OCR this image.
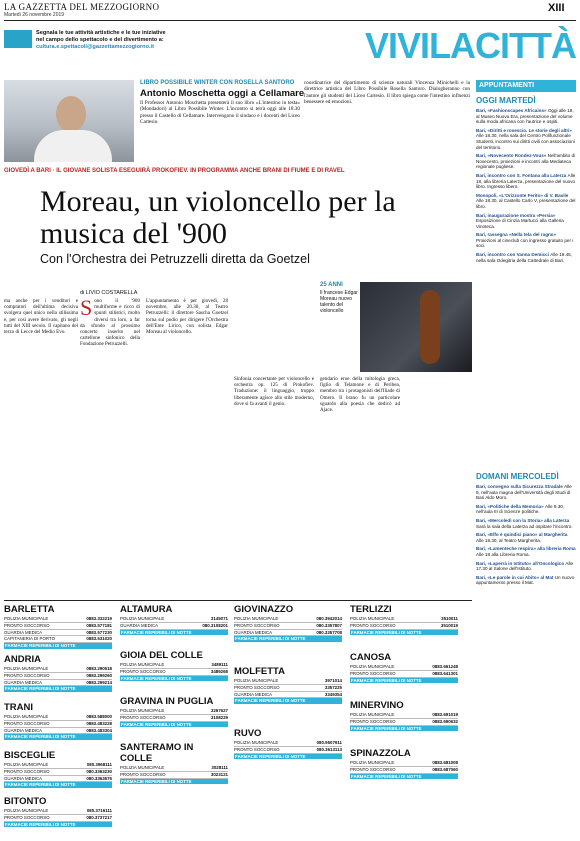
LA GAZZETTA DEL MEZZOGIORNO
Martedì 26 novembre 2019
XIII
Segnala le tue attività artistiche e le tue iniziative
nel campo dello spettacolo e del divertimento a:
cultura.e.spettacoli@gazzettamezzogiorno.it	VIVILACITTÀ
LIBRO POSSIBILE WINTER CON ROSELLA SANTORO
Antonio Moschetta oggi a Cellamare
Il Professor Antonio Moschetta presenterà il suo libro «L'intestino in testa» (Mondadori) al Libro Possibile Winter. L'incontro si terrà oggi alle 18.30 presso il Castello di Cellamare. Intervengono il sindaco e i docenti del Liceo Cartesio.
coordinatrice del dipartimento di scienze naturali Vincenza Minichelli e la direttrice artistica del Libro Possibile Rosella Santoro. Dialogheranno con l'autore gli studenti del Liceo Cartesio. Il libro spiega come l'intestino influenzi benessere ed emozioni.
APPUNTAMENTI
OGGI MARTEDÌ
Bari, «Fashionscapes Africains» Oggi alle 18, al Museo Nuova Era, presentazione del volume sulla moda africana con l'autrice e ospiti.
Bari, «Diritti e rovescio. Le storie degli altri» Alle 18.30, nella sala del Centro Polifunzionale Studenti, incontro sui diritti civili con associazioni del territorio.
Bari, «Novecento Rondez-Vous» Nell'ambito di Novecento, proiezioni e incontri alla Mediateca regionale pugliese.
Bari, incontro con S. Fontana alla Laterza Alle 18, alla libreria Laterza, presentazione del nuovo libro. Ingresso libero.
Monopoli, «L'Orizzonte Ferito» di V. Basile Alle 18.30, al Castello Carlo V, presentazione del libro.
Bari, inaugurazione mostra «Persia» Esposizione di Cinzia Martucci alla Galleria Vinoteca.
Bari, rassegna «Nella tela del ragno» Proiezioni al cineclub con ingresso gratuito per i soci.
Bari, incontro con Vanna Demicci Alle 19.45, nella sala Odegitria della Cattedrale di Bari.
GIOVEDÌ A BARI · IL GIOVANE SOLISTA ESEGUIRÀ PROKOFIEV. IN PROGRAMMA ANCHE BRANI DI FIUME E DI RAVEL
Moreau, un violoncello per la musica del '900
Con l'Orchestra dei Petruzzelli diretta da Goetzel
di LIVIO COSTARELLA
25 ANNI
Il francese Edgar Moreau nuovo talento del violoncello
ma anche per i venditori e compratori dell'ultima decisiva svolgera quel unico nella stilissima e, per così avere derivato, gli negli tutti del XIII secolo. Il capitano del terzo di Lecce del Medio Evo.
Sono il '900 multiforme e ricco di spunti stilistici, molto diversi tra loro, a far da sfondo al prossimo concerto inserito nel cartellone sinfonico della Fondazione Petruzzelli.
L'appuntamento è per giovedì, 28 novembre, alle 20.30, al Teatro Petruzzelli: il direttore Sascha Goetzel torna sul podio per dirigere l'Orchestra dell'Ente Lirico, con solista Edgar Moreau al violoncello.
Sinfonia concertante per violoncello e orchestra op. 125 di Prokofiev. Traduzione: il linguaggio, troppo liberamente agisce allo stile moderno, dove si fa avanti il genio.
gendario eroe della mitologia greca, figlio di Telamone e di Peribea, membro tra i protagonisti dell'Iliade di Omero. Il brano fu un particolare sguardo alla poesia che dedicò ad Ajace.
DOMANI MERCOLEDÌ
Bari, convegno sulla Sicurezza Stradale Alle 9, nell'aula magna dell'Università degli Studi di Bari Aldo Moro.
Bari, «Politiche della Memoria» Alle 9.30, nell'aula III di Scienze politiche.
Bari, «Mercoledì con la Storia» alla Laterza Sarà la sala della Laterza ad ospitare l'incontro.
Bari, «Elfo è quindici piano» al Margherita Alle 18.30, al Teatro Margherita.
Bari, «Lamenteche respira» alla libreria Roma Alle 18 alla Libreria Roma.
Bari, «Laperrà in Istituto» all'Oncologico Alle 17.30 al Salone dell'Istituto.
Bari, «Le parole in cui Abito» al Mat Un nuovo appuntamento presso il Mat.
BARLETTA
POLIZIA MUNICIPALE	0883.332219
PRONTO SOCCORSO	0883.577181
GUARDIA MEDICA	0883.577230
CAPITANERIA DI PORTO	0883.531020
FARMACIE REPERIBILI DI NOTTE
ANDRIA
POLIZIA MUNICIPALE	0883.290518
PRONTO SOCCORSO	0883.299260
GUARDIA MEDICA	0883.299214
FARMACIE REPERIBILI DI NOTTE
TRANI
POLIZIA MUNICIPALE	0883.588000
PRONTO SOCCORSO	0883.483228
GUARDIA MEDICA	0883.483304
FARMACIE REPERIBILI DI NOTTE
BISCEGLIE
POLIZIA MUNICIPALE	080.3968111
PRONTO SOCCORSO	080.3363230
GUARDIA MEDICA	080.3363676
FARMACIE REPERIBILI DI NOTTE
BITONTO
POLIZIA MUNICIPALE	080.3716111
PRONTO SOCCORSO	080.3737217
FARMACIE REPERIBILI DI NOTTE
ALTAMURA
POLIZIA MUNICIPALE	3145071
GUARDIA MEDICA	080.3108201
FARMACIE REPERIBILI DI NOTTE
GIOIA DEL COLLE
POLIZIA MUNICIPALE	3489111
PRONTO SOCCORSO	3489268
FARMACIE REPERIBILI DI NOTTE
GRAVINA IN PUGLIA
POLIZIA MUNICIPALE	3267627
PRONTO SOCCORSO	3108229
FARMACIE REPERIBILI DI NOTTE
SANTERAMO IN COLLE
POLIZIA MUNICIPALE	3028111
PRONTO SOCCORSO	3023121
FARMACIE REPERIBILI DI NOTTE
GIOVINAZZO
POLIZIA MUNICIPALE	080.3942014
PRONTO SOCCORSO	080.3357807
GUARDIA MEDICA	080.3357708
FARMACIE REPERIBILI DI NOTTE
MOLFETTA
POLIZIA MUNICIPALE	3971014
PRONTO SOCCORSO	3357225
GUARDIA MEDICA	3349354
FARMACIE REPERIBILI DI NOTTE
RUVO
POLIZIA MUNICIPALE	080.9507911
PRONTO SOCCORSO	080.3613113
FARMACIE REPERIBILI DI NOTTE
TERLIZZI
POLIZIA MUNICIPALE	3510011
PRONTO SOCCORSO	3510019
FARMACIE REPERIBILI DI NOTTE
CANOSA
POLIZIA MUNICIPALE	0883.661248
PRONTO SOCCORSO	0883.641301
FARMACIE REPERIBILI DI NOTTE
MINERVINO
POLIZIA MUNICIPALE	0883.691019
PRONTO SOCCORSO	0883.690632
FARMACIE REPERIBILI DI NOTTE
SPINAZZOLA
POLIZIA MUNICIPALE	0883.681008
PRONTO SOCCORSO	0883.687060
FARMACIE REPERIBILI DI NOTTE
